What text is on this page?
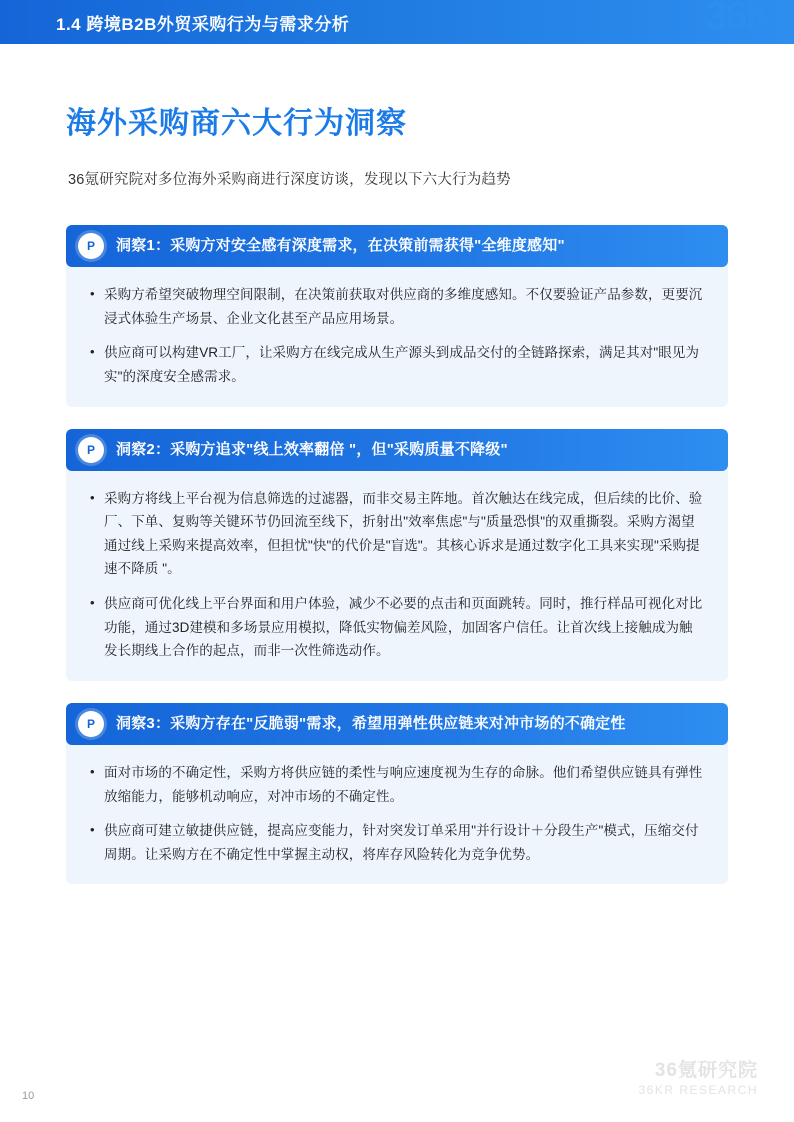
1.4 跨境B2B外贸采购行为与需求分析	36Kr
海外采购商六大行为洞察
36氪研究院对多位海外采购商进行深度访谈，发现以下六大行为趋势
P	洞察1：采购方对安全感有深度需求，在决策前需获得"全维度感知"
• 采购方希望突破物理空间限制，在决策前获取对供应商的多维度感知。不仅要验证产品参数，更要沉浸式体验生产场景、企业文化甚至产品应用场景。
• 供应商可以构建VR工厂，让采购方在线完成从生产源头到成品交付的全链路探索，满足其对"眼见为实"的深度安全感需求。
P	洞察2：采购方追求"线上效率翻倍 "，但"采购质量不降级"
• 采购方将线上平台视为信息筛选的过滤器，而非交易主阵地。首次触达在线完成，但后续的比价、验厂、下单、复购等关键环节仍回流至线下，折射出"效率焦虑"与"质量恐惧"的双重撕裂。采购方渴望通过线上采购来提高效率，但担忧"快"的代价是"盲选"。其核心诉求是通过数字化工具来实现"采购提速不降质 "。
• 供应商可优化线上平台界面和用户体验，减少不必要的点击和页面跳转。同时，推行样品可视化对比功能，通过3D建模和多场景应用模拟，降低实物偏差风险，加固客户信任。让首次线上接触成为触发长期线上合作的起点，而非一次性筛选动作。
P	洞察3：采购方存在"反脆弱"需求，希望用弹性供应链来对冲市场的不确定性
• 面对市场的不确定性，采购方将供应链的柔性与响应速度视为生存的命脉。他们希望供应链具有弹性放缩能力，能够机动响应，对冲市场的不确定性。
• 供应商可建立敏捷供应链，提高应变能力，针对突发订单采用"并行设计＋分段生产"模式，压缩交付周期。让采购方在不确定性中掌握主动权，将库存风险转化为竞争优势。
10
36氪研究院
36KR RESEARCH
